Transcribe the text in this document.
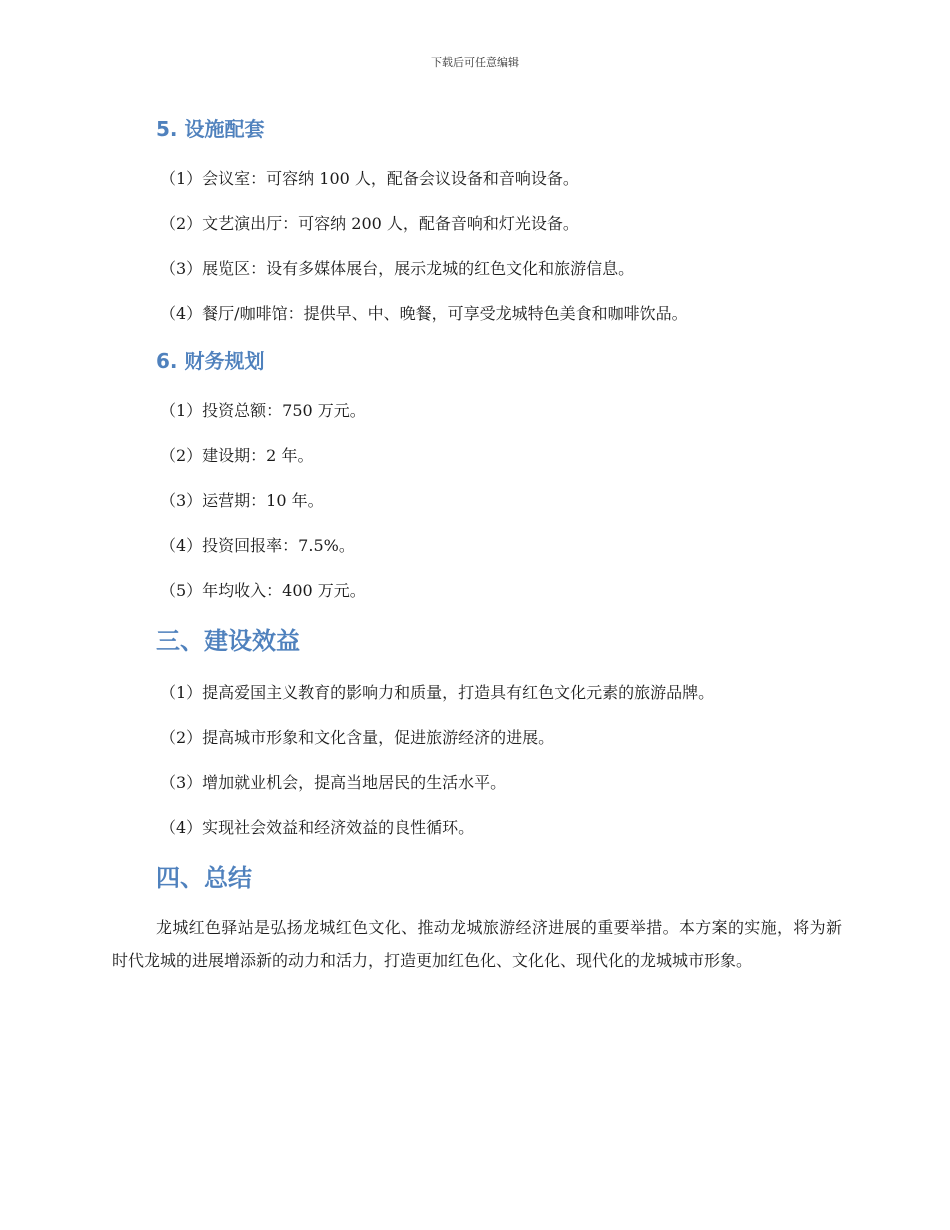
下载后可任意编辑
5. 设施配套
（1）会议室：可容纳 100 人，配备会议设备和音响设备。
（2）文艺演出厅：可容纳 200 人，配备音响和灯光设备。
（3）展览区：设有多媒体展台，展示龙城的红色文化和旅游信息。
（4）餐厅/咖啡馆：提供早、中、晚餐，可享受龙城特色美食和咖啡饮品。
6. 财务规划
（1）投资总额：750 万元。
（2）建设期：2 年。
（3）运营期：10 年。
（4）投资回报率：7.5%。
（5）年均收入：400 万元。
三、建设效益
（1）提高爱国主义教育的影响力和质量，打造具有红色文化元素的旅游品牌。
（2）提高城市形象和文化含量，促进旅游经济的进展。
（3）增加就业机会，提高当地居民的生活水平。
（4）实现社会效益和经济效益的良性循环。
四、总结
龙城红色驿站是弘扬龙城红色文化、推动龙城旅游经济进展的重要举措。本方案的实施，将为新时代龙城的进展增添新的动力和活力，打造更加红色化、文化化、现代化的龙城城市形象。
